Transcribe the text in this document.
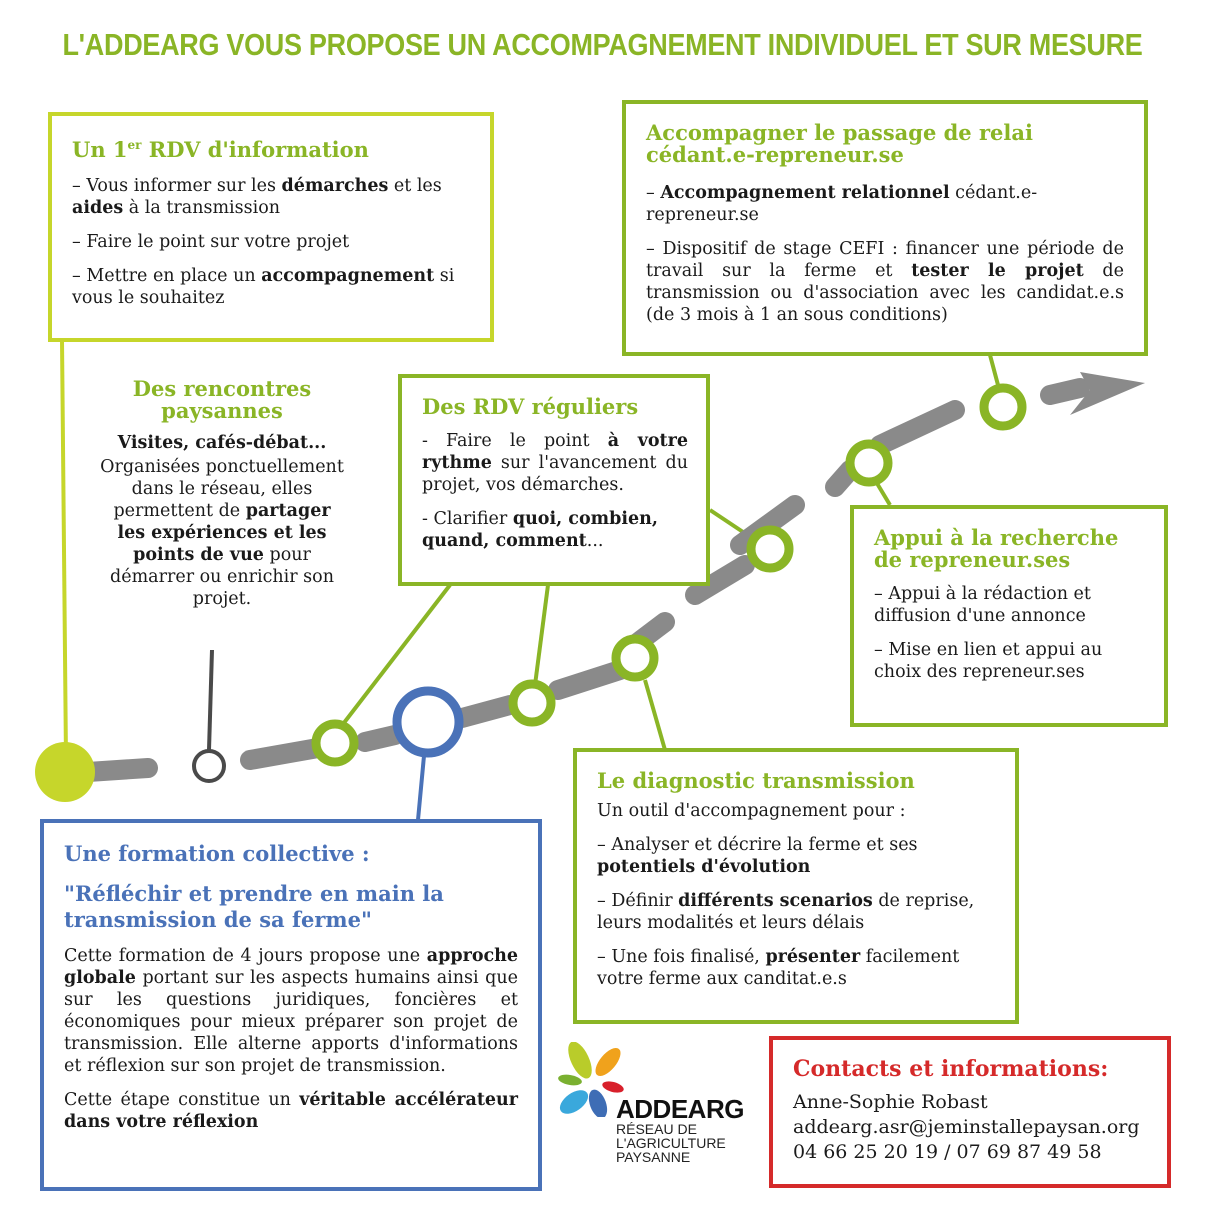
L'ADDEARG VOUS PROPOSE UN ACCOMPAGNEMENT INDIVIDUEL ET SUR MESURE
Un 1er RDV d'information

– Vous informer sur les démarches et les aides à la transmission

– Faire le point sur votre projet

– Mettre en place un accompagnement si vous le souhaitez

Accompagner le passage de relai cédant.e-repreneur.se

– Accompagnement relationnel cédant.e-repreneur.se

– Dispositif de stage CEFI : financer une période de travail sur la ferme et tester le projet de transmission ou d'association avec les candidat.e.s (de 3 mois à 1 an sous conditions)

Des rencontres paysannes
Visites, cafés-débat...
Organisées ponctuellement dans le réseau, elles permettent de partager les expériences et les points de vue pour démarrer ou enrichir son projet.
Des RDV réguliers

- Faire le point à votre rythme sur l'avancement du projet, vos démarches.

- Clarifier quoi, combien, quand, comment...	Appui à la recherche de repreneur.ses

– Appui à la rédaction et diffusion d'une annonce

– Mise en lien et appui au choix des repreneur.ses

Le diagnostic transmission

Un outil d'accompagnement pour :

– Analyser et décrire la ferme et ses potentiels d'évolution

– Définir différents scenarios de reprise, leurs modalités et leurs délais

– Une fois finalisé, présenter facilement votre ferme aux canditat.e.s

Une formation collective :
"Réfléchir et prendre en main la transmission de sa ferme"

Cette formation de 4 jours propose une approche globale portant sur les aspects humains ainsi que sur les questions juridiques, foncières et économiques pour mieux préparer son projet de transmission. Elle alterne apports d'informations et réflexion sur son projet de transmission.

Cette étape constitue un véritable accélérateur dans votre réflexion	ADDEARG
RÉSEAU DE
L'AGRICULTURE
PAYSANNE
Contacts et informations:
Anne-Sophie Robast
addearg.asr@jeminstallepaysan.org
04 66 25 20 19 / 07 69 87 49 58
